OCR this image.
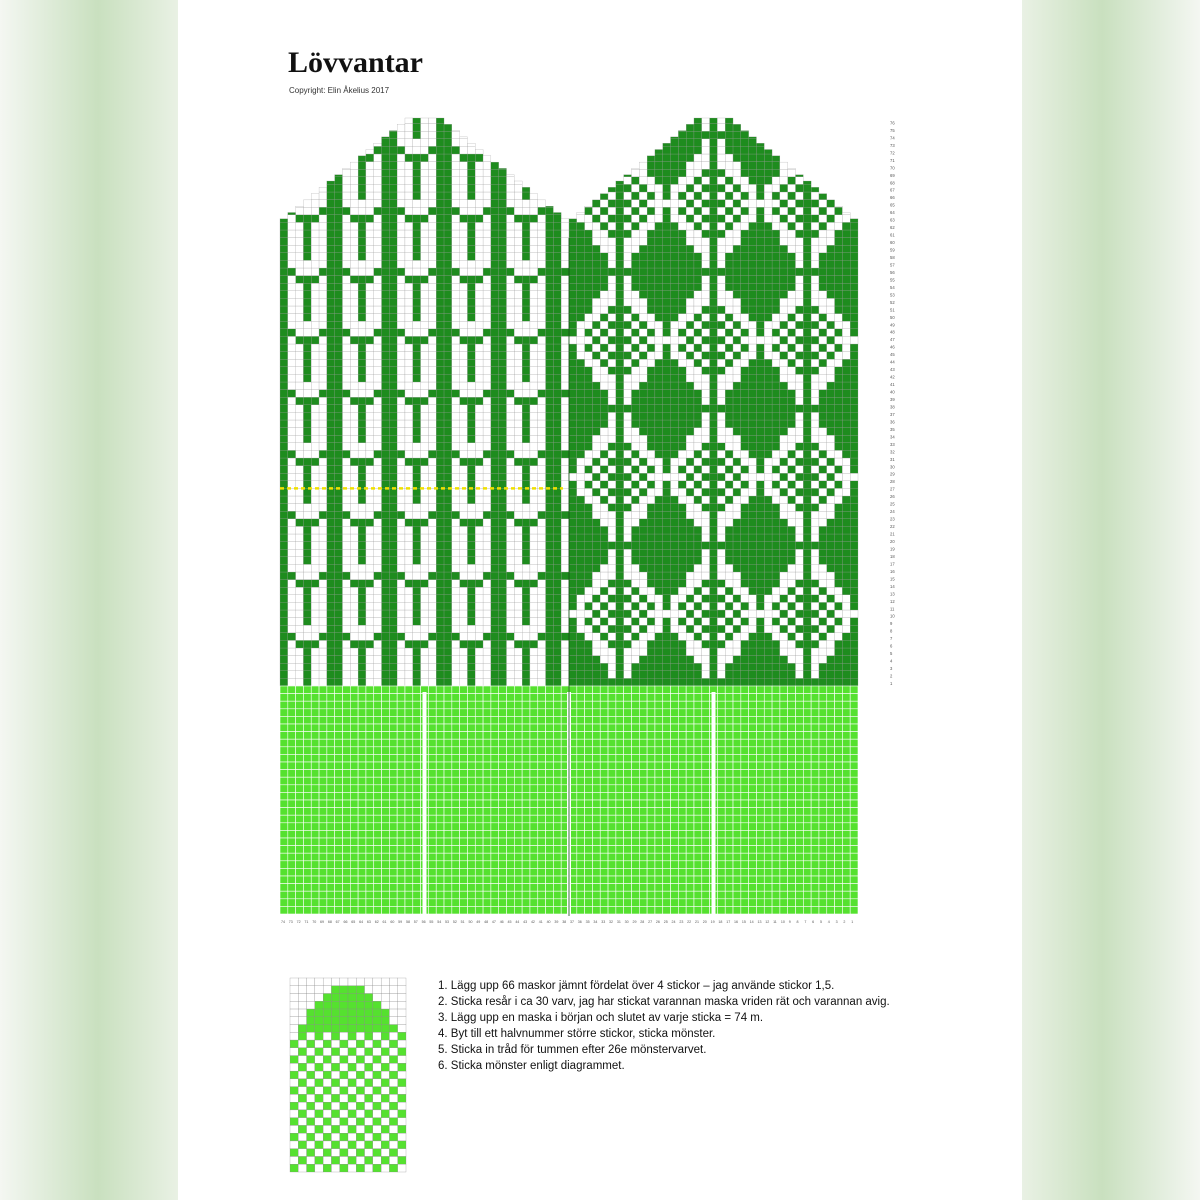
Lövvantar
Copyright: Elin Åkelius 2017
1
2
3
4
5
6
7
8
9
10
11
12
13
14
15
16
17
18
19
20
21
22
23
24
25
26
27
28
29
30
31
32
33
34
35
36
37
38
39
40
41
42
43
44
45
46
47
48
49
50
51
52
53
54
55
56
57
58
59
60
61
62
63
64
65
66
67
68
69
70
71
72
73
74
75
76
1
2
3
4
5
6
7
8
9
10
11
12
13
14
15
16
17
18
19
20
21
22
23
24
25
26
27
28
29
30
31
32
33
34
35
36
37
38
39
40
41
42
43
44
45
46
47
48
49
50
51
52
53
54
55
56
57
58
59
60
61
62
63
64
65
66
67
68
69
70
71
72
73
74
1. Lägg upp 66 maskor jämnt fördelat över 4 stickor – jag använde stickor 1,5.
2. Sticka resår i ca 30 varv, jag har stickat varannan maska vriden rät och varannan avig.
3. Lägg upp en maska i början och slutet av varje sticka = 74 m.
4. Byt till ett halvnummer större stickor, sticka mönster.
5. Sticka in tråd för tummen efter 26e mönstervarvet.
6. Sticka mönster enligt diagrammet.
